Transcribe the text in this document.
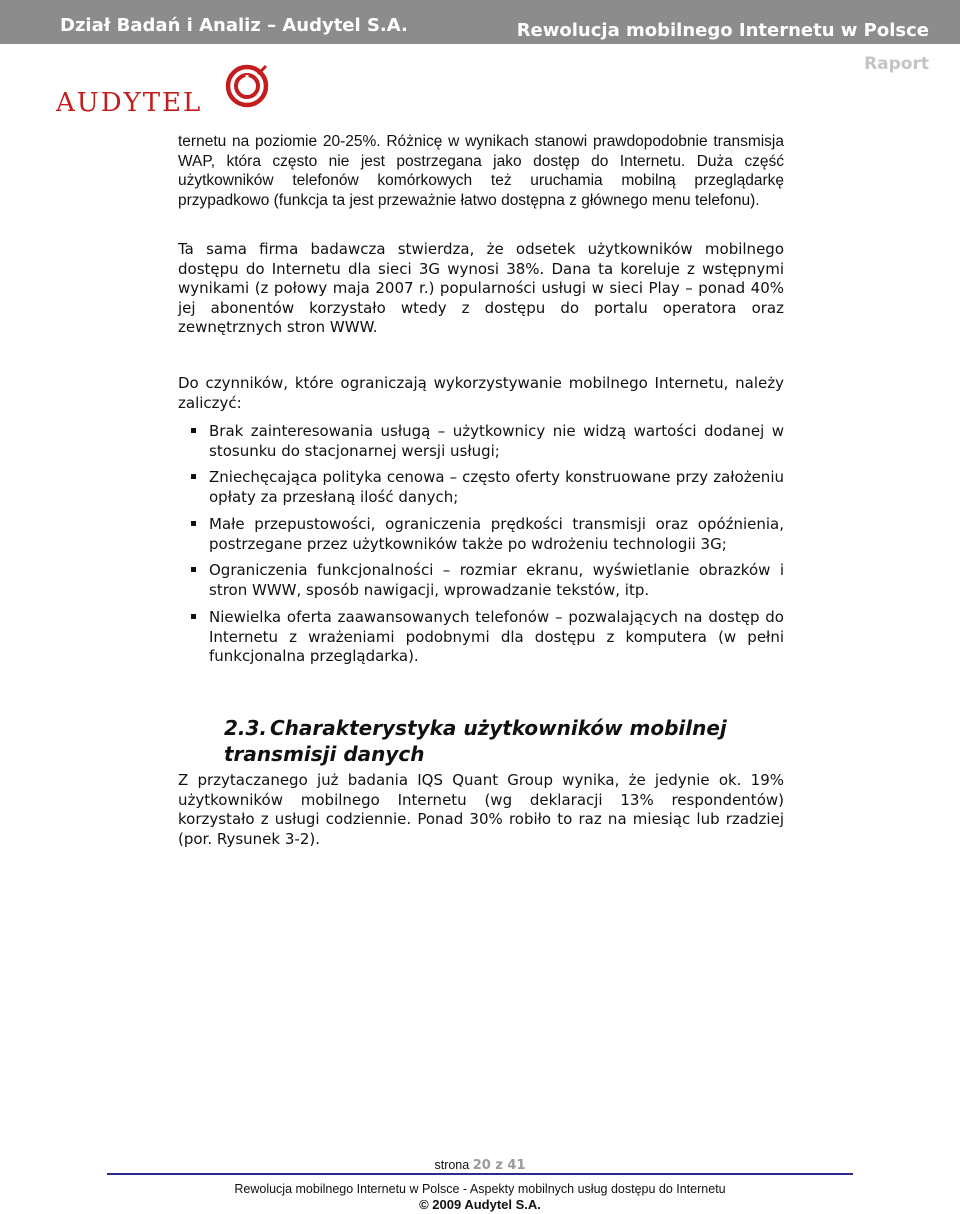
Dział Badań i Analiz – Audytel S.A.	Rewolucja mobilnego Internetu w Polsce
Raport
AUDYTEL
ternetu na poziomie 20-25%. Różnicę w wynikach stanowi prawdopodobnie transmisja WAP, która często nie jest postrzegana jako dostęp do Internetu. Duża część użytkowników telefonów komórkowych też uruchamia mobilną przeglądarkę przypadkowo (funkcja ta jest przeważnie łatwo dostępna z głównego menu telefonu).
Ta sama firma badawcza stwierdza, że odsetek użytkowników mobilnego dostępu do Internetu dla sieci 3G wynosi 38%. Dana ta koreluje z wstępnymi wynikami (z połowy maja 2007 r.) popularności usługi w sieci Play – ponad 40% jej abonentów korzystało wtedy z dostępu do portalu operatora oraz zewnętrznych stron WWW.
Do czynników, które ograniczają wykorzystywanie mobilnego Internetu, należy zaliczyć:
Brak zainteresowania usługą – użytkownicy nie widzą wartości dodanej w stosunku do stacjonarnej wersji usługi;
Zniechęcająca polityka cenowa – często oferty konstruowane przy założeniu opłaty za przesłaną ilość danych;
Małe przepustowości, ograniczenia prędkości transmisji oraz opóźnienia, postrzegane przez użytkowników także po wdrożeniu technologii 3G;
Ograniczenia funkcjonalności – rozmiar ekranu, wyświetlanie obrazków i stron WWW, sposób nawigacji, wprowadzanie tekstów, itp.
Niewielka oferta zaawansowanych telefonów – pozwalających na dostęp do Internetu z wrażeniami podobnymi dla dostępu z komputera (w pełni funkcjonalna przeglądarka).
2.3. Charakterystyka użytkowników mobilnej transmisji danych
Z przytaczanego już badania IQS Quant Group wynika, że jedynie ok. 19% użytkowników mobilnego Internetu (wg deklaracji 13% respondentów) korzystało z usługi codziennie. Ponad 30% robiło to raz na miesiąc lub rzadziej (por. Rysunek 3-2).
strona 20 z 41
Rewolucja mobilnego Internetu w Polsce - Aspekty mobilnych usług dostępu do Internetu
© 2009 Audytel S.A.
